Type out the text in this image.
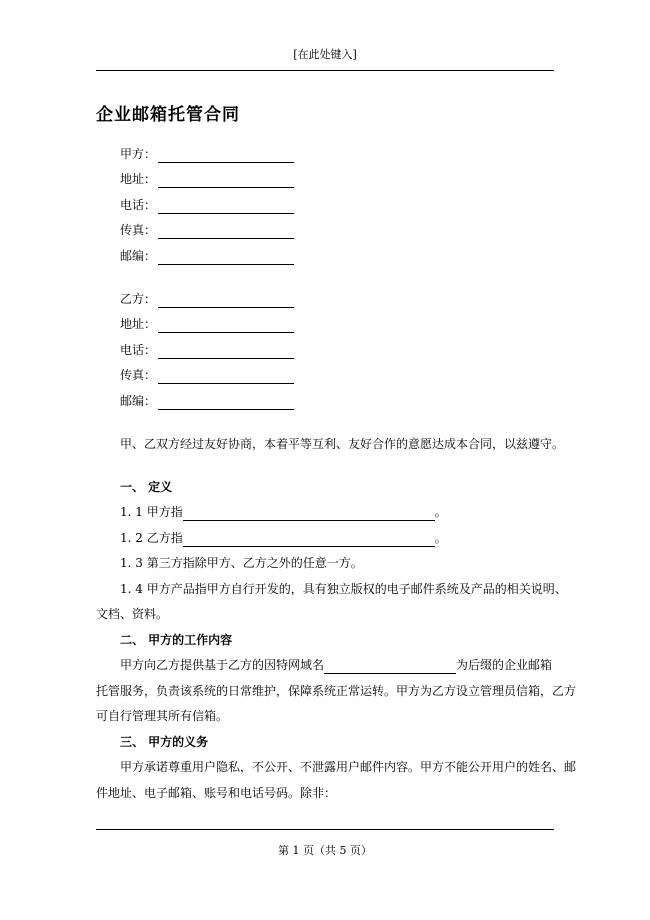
[在此处键入]
企业邮箱托管合同
甲方：
地址：
电话：
传真：
邮编：
乙方：
地址：
电话：
传真：
邮编：
甲、乙双方经过友好协商，本着平等互利、友好合作的意愿达成本合同，以兹遵守。
一、 定义
1. 1 甲方指	。
1. 2 乙方指	。
1. 3 第三方指除甲方、乙方之外的任意一方。
1. 4 甲方产品指甲方自行开发的，具有独立版权的电子邮件系统及产品的相关说明、
文档、资料。
二、 甲方的工作内容
甲方向乙方提供基于乙方的因特网域名	为后缀的企业邮箱
托管服务，负责该系统的日常维护，保障系统正常运转。甲方为乙方设立管理员信箱，乙方
可自行管理其所有信箱。
三、 甲方的义务
甲方承诺尊重用户隐私，不公开、不泄露用户邮件内容。甲方不能公开用户的姓名、邮
件地址、电子邮箱、账号和电话号码。除非：
第 1 页（共 5 页）
